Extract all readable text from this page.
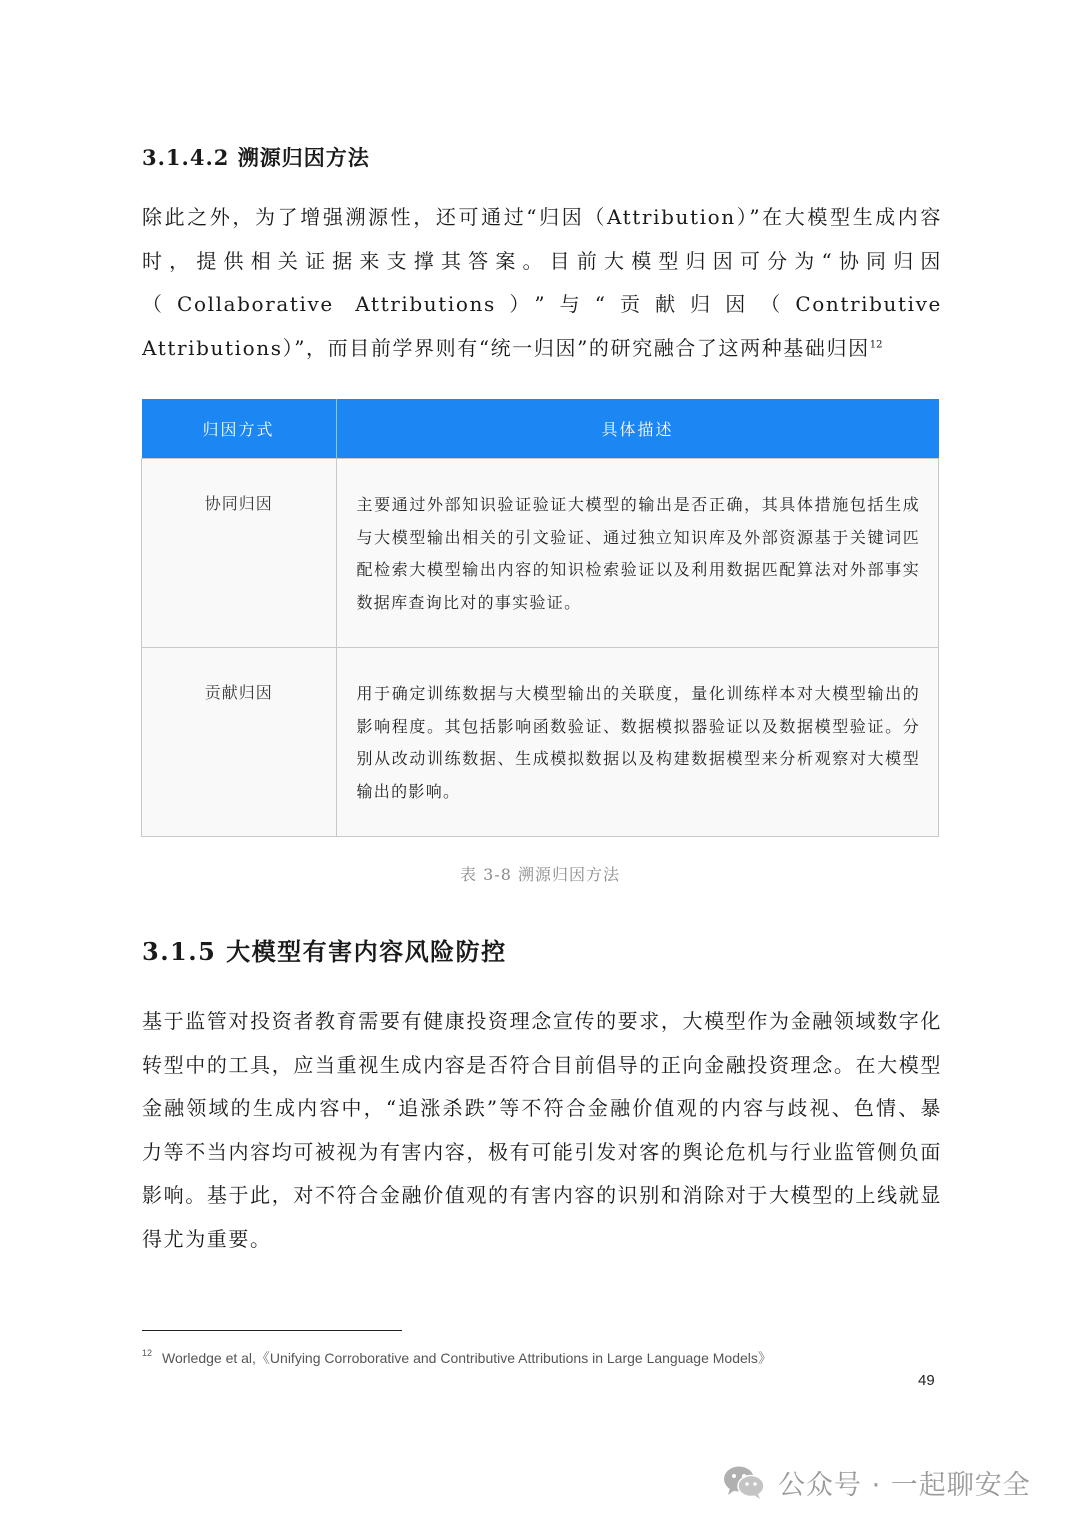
3.1.4.2 溯源归因方法

除此之外，为了增强溯源性，还可通过“归因（Attribution）”在大模型生成内容时，提供相关证据来支撑其答案。目前大模型归因可分为“协同归因（Collaborative Attributions）”与“贡献归因（Contributive Attributions）”，而目前学界则有“统一归因”的研究融合了这两种基础归因$^{12}$

归因方式	具体描述
协同归因	主要通过外部知识验证验证大模型的输出是否正确，其具体措施包括生成与大模型输出相关的引文验证、通过独立知识库及外部资源基于关键词匹配检索大模型输出内容的知识检索验证以及利用数据匹配算法对外部事实数据库查询比对的事实验证。
贡献归因	用于确定训练数据与大模型输出的关联度，量化训练样本对大模型输出的影响程度。其包括影响函数验证、数据模拟器验证以及数据模型验证。分别从改动训练数据、生成模拟数据以及构建数据模型来分析观察对大模型输出的影响。
表 3-8 溯源归因方法
3.1.5 大模型有害内容风险防控

基于监管对投资者教育需要有健康投资理念宣传的要求，大模型作为金融领域数字化转型中的工具，应当重视生成内容是否符合目前倡导的正向金融投资理念。在大模型金融领域的生成内容中，“追涨杀跌”等不符合金融价值观的内容与歧视、色情、暴力等不当内容均可被视为有害内容，极有可能引发对客的舆论危机与行业监管侧负面影响。基于此，对不符合金融价值观的有害内容的识别和消除对于大模型的上线就显得尤为重要。

$^{12}$ Worledge et al,《Unifying Corroborative and Contributive Attributions in Large Language Models》
49
公众号 · 一起聊安全
